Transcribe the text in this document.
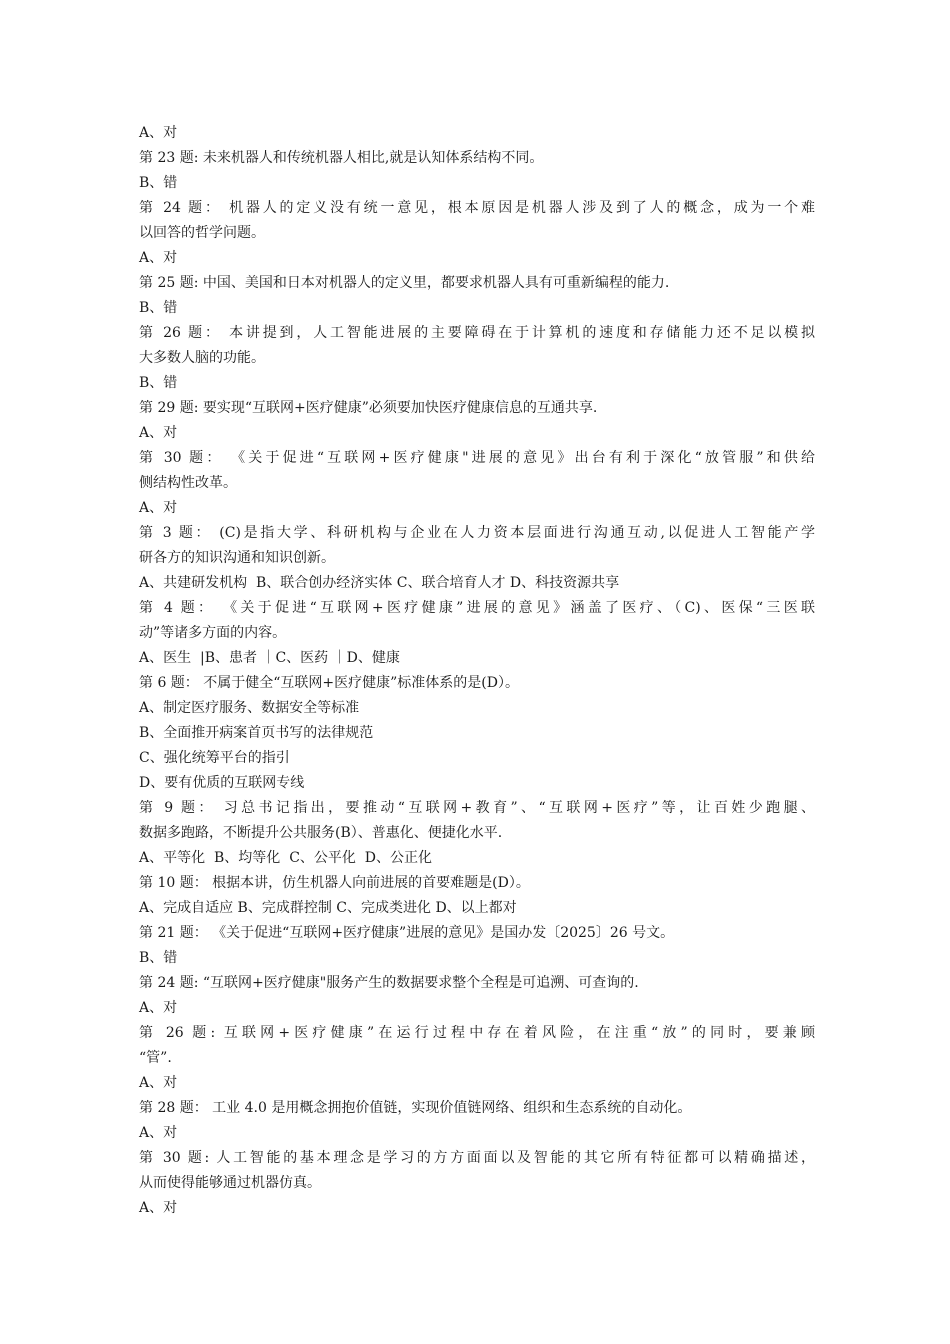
A、对
第 23 题: 未来机器人和传统机器人相比,就是认知体系结构不同。
B、错
第 24 题： 机器人的定义没有统一意见，根本原因是机器人涉及到了人的概念，成为一个难
以回答的哲学问题。
A、对
第 25 题: 中国、美国和日本对机器人的定义里，都要求机器人具有可重新编程的能力.
B、错
第 26 题： 本讲提到，人工智能进展的主要障碍在于计算机的速度和存储能力还不足以模拟
大多数人脑的功能。
B、错
第 29 题: 要实现“互联网+医疗健康”必须要加快医疗健康信息的互通共享.
A、对
第 30 题： 《关于促进“互联网+医疗健康"进展的意见》出台有利于深化“放管服”和供给
侧结构性改革。
A、对
第 3 题： (C)是指大学、科研机构与企业在人力资本层面进行沟通互动,以促进人工智能产学
研各方的知识沟通和知识创新。
A、共建研发机构  B、联合创办经济实体 C、联合培育人才 D、科技资源共享
第 4 题： 《关于促进“互联网+医疗健康”进展的意见》涵盖了医疗、（C)、医保“三医联
动”等诸多方面的内容。
A、医生  |B、患者 ｜C、医药 ｜D、健康
第 6 题： 不属于健全“互联网+医疗健康”标准体系的是(D）。
A、制定医疗服务、数据安全等标准
B、全面推开病案首页书写的法律规范
C、强化统筹平台的指引
D、要有优质的互联网专线
第 9 题： 习总书记指出，要推动“互联网+教育”、“互联网+医疗”等，让百姓少跑腿、
数据多跑路，不断提升公共服务(B）、普惠化、便捷化水平.
A、平等化  B、均等化  C、公平化  D、公正化
第 10 题： 根据本讲，仿生机器人向前进展的首要难题是(D）。
A、完成自适应 B、完成群控制 C、完成类进化 D、以上都对
第 21 题： 《关于促进“互联网+医疗健康”进展的意见》是国办发〔2025〕26 号文。
B、错
第 24 题: “互联网+医疗健康"服务产生的数据要求整个全程是可追溯、可查询的.
A、对
第 26 题: 互联网+医疗健康”在运行过程中存在着风险，在注重“放”的同时，要兼顾
“管”.
A、对
第 28 题： 工业 4.0 是用概念拥抱价值链，实现价值链网络、组织和生态系统的自动化。
A、对
第 30 题: 人工智能的基本理念是学习的方方面面以及智能的其它所有特征都可以精确描述，
从而使得能够通过机器仿真。
A、对
